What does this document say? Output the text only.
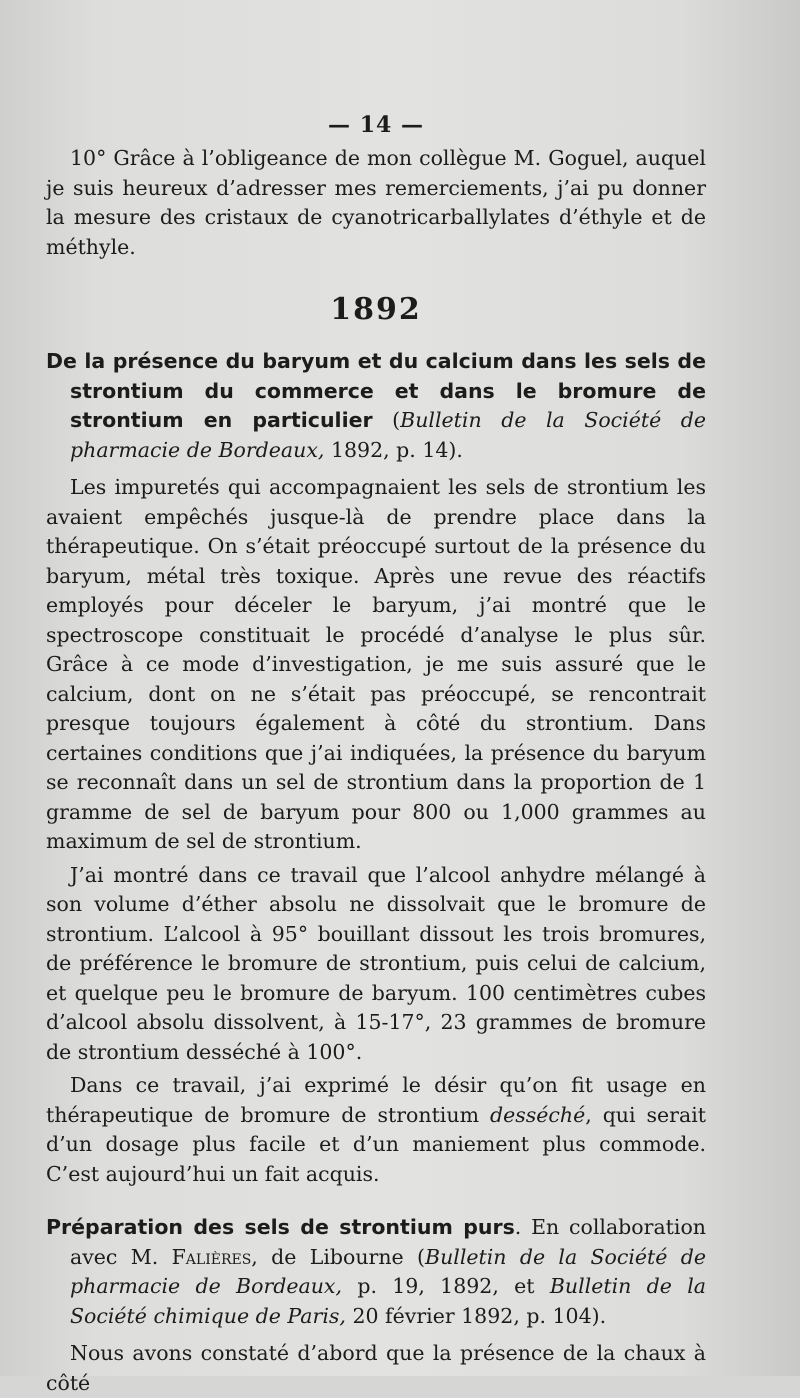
— 14 —

10° Grâce à l’obligeance de mon collègue M. Goguel, auquel je suis heureux d’adresser mes remerciements, j’ai pu donner la mesure des cristaux de cyanotricarballylates d’éthyle et de méthyle.

1892
De la présence du baryum et du calcium dans les sels de strontium du commerce et dans le bromure de strontium en particulier (Bulletin de la Société de pharmacie de Bordeaux, 1892, p. 14).

Les impuretés qui accompagnaient les sels de strontium les avaient empêchés jusque-là de prendre place dans la thérapeutique. On s’était préoccupé surtout de la présence du baryum, métal très toxique. Après une revue des réactifs employés pour déceler le baryum, j’ai montré que le spectroscope constituait le procédé d’analyse le plus sûr. Grâce à ce mode d’investigation, je me suis assuré que le calcium, dont on ne s’était pas préoccupé, se rencontrait presque toujours également à côté du strontium. Dans certaines conditions que j’ai indiquées, la présence du baryum se reconnaît dans un sel de strontium dans la proportion de 1 gramme de sel de baryum pour 800 ou 1,000 grammes au maximum de sel de strontium.

J’ai montré dans ce travail que l’alcool anhydre mélangé à son volume d’éther absolu ne dissolvait que le bromure de strontium. L’alcool à 95° bouillant dissout les trois bromures, de préférence le bromure de strontium, puis celui de calcium, et quelque peu le bromure de baryum. 100 centimètres cubes d’alcool absolu dissolvent, à 15-17°, 23 grammes de bromure de strontium desséché à 100°.

Dans ce travail, j’ai exprimé le désir qu’on fit usage en thérapeutique de bromure de strontium desséché, qui serait d’un dosage plus facile et d’un maniement plus commode. C’est aujourd’hui un fait acquis.

Préparation des sels de strontium purs. En collaboration avec M. Falières, de Libourne (Bulletin de la Société de pharmacie de Bordeaux, p. 19, 1892, et Bulletin de la Société chimique de Paris, 20 février 1892, p. 104).

Nous avons constaté d’abord que la présence de la chaux à côté
